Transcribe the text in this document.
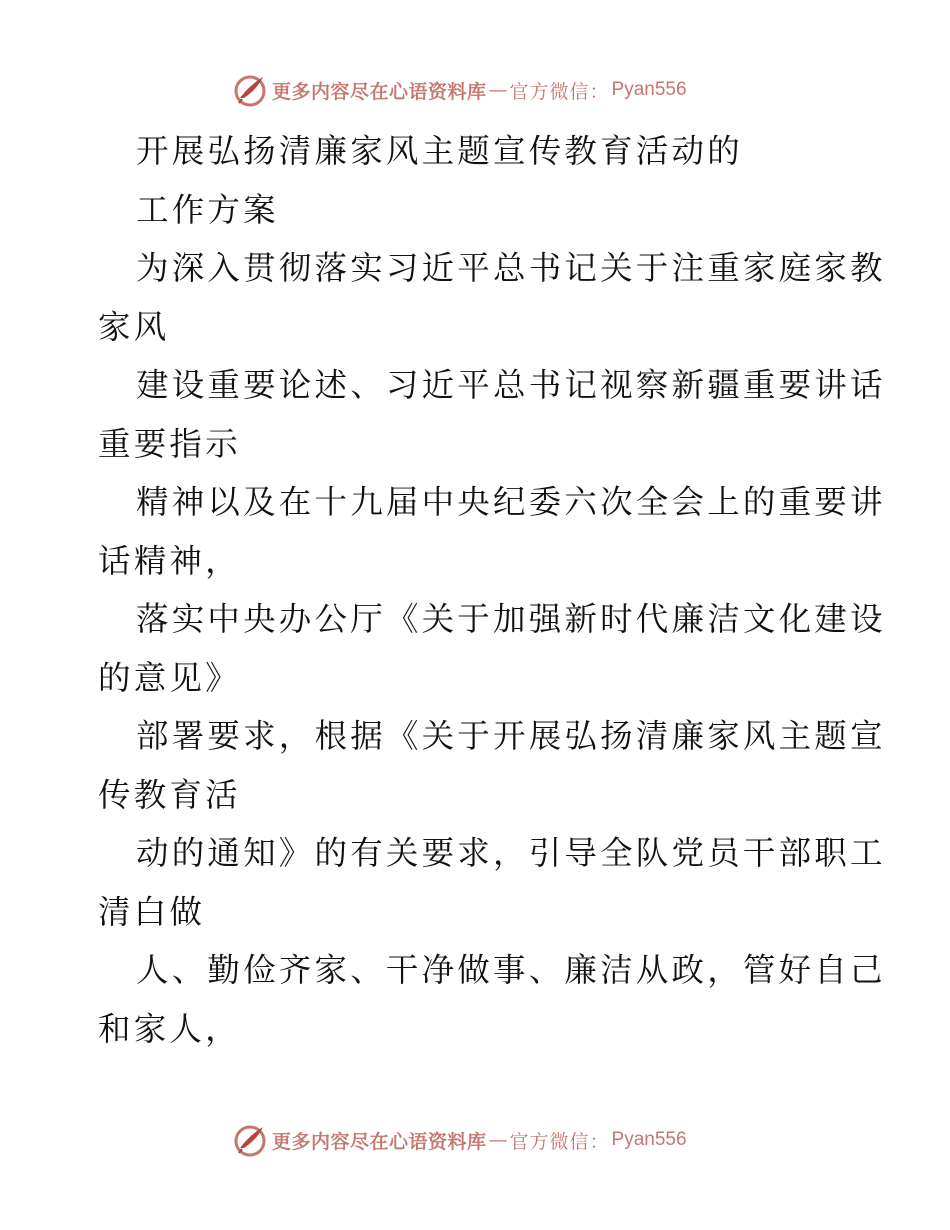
更多内容尽在心语资料库 — 官方微信： Pyan556
开展弘扬清廉家风主题宣传教育活动的
工作方案
为深入贯彻落实习近平总书记关于注重家庭家教
家风
建设重要论述、习近平总书记视察新疆重要讲话
重要指示
精神以及在十九届中央纪委六次全会上的重要讲
话精神，
落实中央办公厅《关于加强新时代廉洁文化建设
的意见》
部署要求，根据《关于开展弘扬清廉家风主题宣
传教育活
动的通知》的有关要求，引导全队党员干部职工
清白做
人、勤俭齐家、干净做事、廉洁从政，管好自己
和家人，
更多内容尽在心语资料库 — 官方微信： Pyan556
